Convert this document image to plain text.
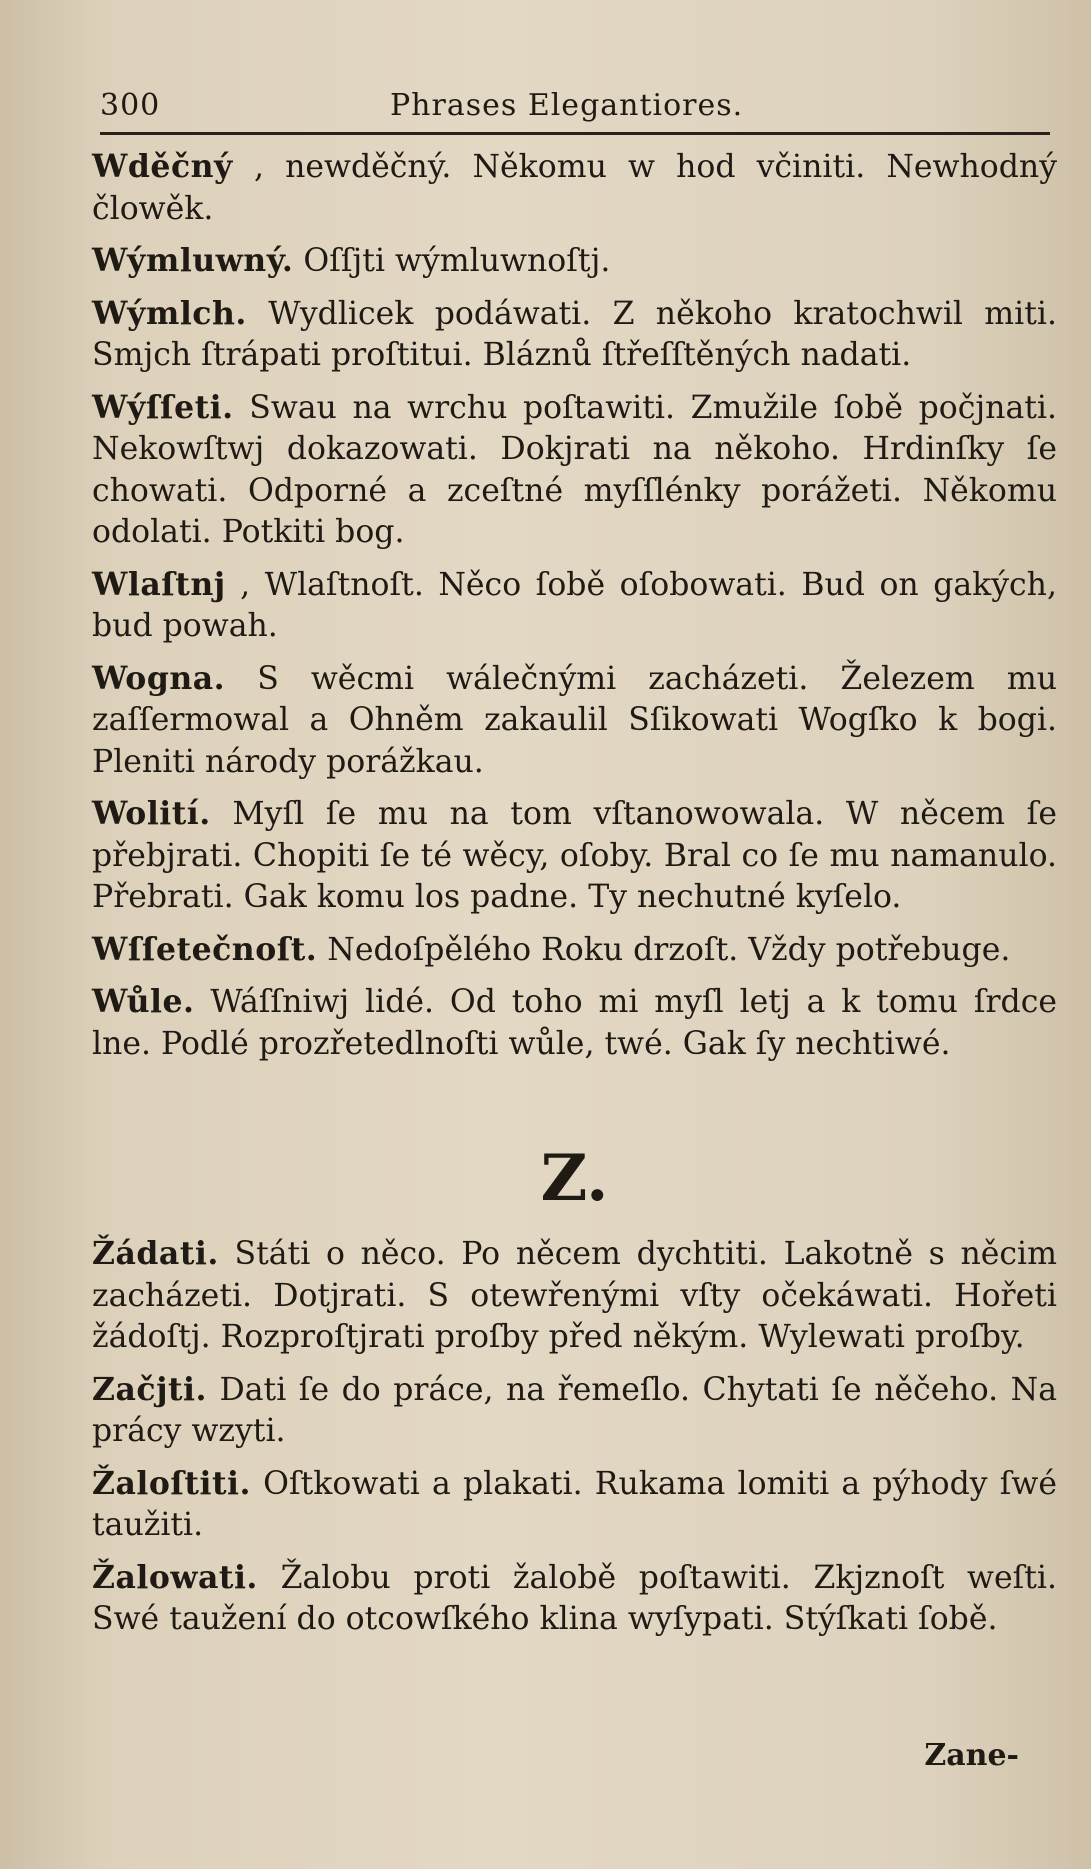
300	Phrases Elegantiores.

Wděčný , newděčný. Někomu w hod včiniti. Newhodný člowěk.

Wýmluwný. Oſſjti wýmluwnoſtj.

Wýmlch. Wydlicek podáwati. Z někoho kratochwil miti. Smjch ſtrápati proſtitui. Bláznů ſtřeſſtěných nadati.

Wýſſeti. Swau na wrchu poſtawiti. Zmužile ſobě počjnati. Nekowſtwj dokazowati. Dokjrati na někoho. Hrdinſky ſe chowati. Odporné a zceſtné myſſlénky porážeti. Někomu odolati. Potkiti bog.

Wlaſtnj , Wlaſtnoſt. Něco ſobě oſobowati. Bud on gakých, bud powah.

Wogna. S wěcmi wálečnými zacházeti. Železem mu zaſſermowal a Ohněm zakaulil Sſikowati Wogſko k bogi. Pleniti národy porážkau.

Wolití. Myſl ſe mu na tom vſtanowowala. W něcem ſe přebjrati. Chopiti ſe té wěcy, oſoby. Bral co ſe mu namanulo. Přebrati. Gak komu los padne. Ty nechutné kyſelo.

Wſſetečnoſt. Nedoſpělého Roku drzoſt. Vždy potřebuge.

Wůle. Wáſſniwj lidé. Od toho mi myſl letj a k tomu ſrdce lne. Podlé prozřetedlnoſti wůle, twé. Gak ſy nechtiwé.

Z.

Žádati. Státi o něco. Po něcem dychtiti. Lakotně s něcim zacházeti. Dotjrati. S otewřenými vſty očekáwati. Hořeti žádoſtj. Rozproſtjrati proſby před někým. Wylewati proſby.

Začjti. Dati ſe do práce, na řemeſlo. Chytati ſe něčeho. Na prácy wzyti.

Žaloſtiti. Oſtkowati a plakati. Rukama lomiti a pýhody ſwé taužiti.

Žalowati. Žalobu proti žalobě poſtawiti. Zkjznoſt weſti. Swé taužení do otcowſkého klina wyſypati. Stýſkati ſobě.

Zane-
